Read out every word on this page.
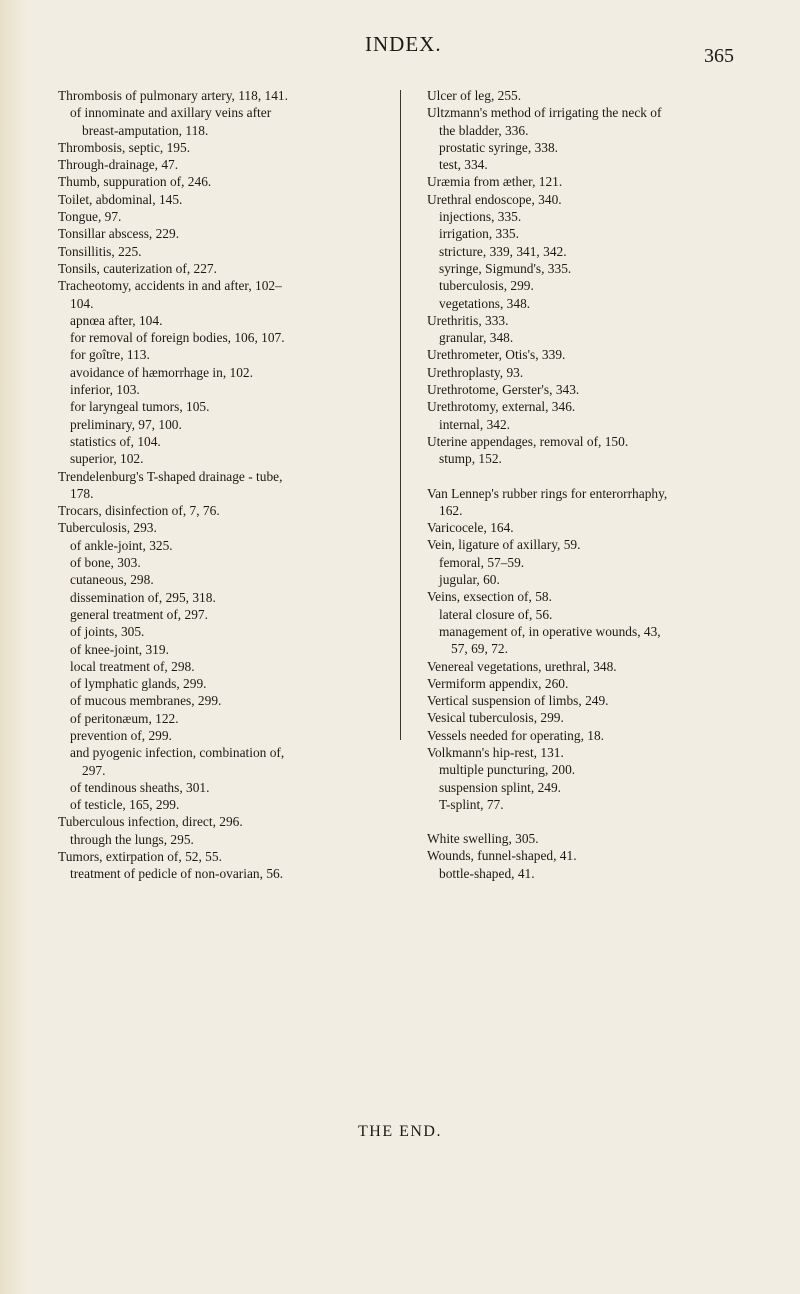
INDEX.	365
Thrombosis of pulmonary artery, 118, 141.
of innominate and axillary veins after
breast-amputation, 118.
Thrombosis, septic, 195.
Through-drainage, 47.
Thumb, suppuration of, 246.
Toilet, abdominal, 145.
Tongue, 97.
Tonsillar abscess, 229.
Tonsillitis, 225.
Tonsils, cauterization of, 227.
Tracheotomy, accidents in and after, 102–
104.
apnœa after, 104.
for removal of foreign bodies, 106, 107.
for goître, 113.
avoidance of hæmorrhage in, 102.
inferior, 103.
for laryngeal tumors, 105.
preliminary, 97, 100.
statistics of, 104.
superior, 102.
Trendelenburg's T-shaped drainage - tube,
178.
Trocars, disinfection of, 7, 76.
Tuberculosis, 293.
of ankle-joint, 325.
of bone, 303.
cutaneous, 298.
dissemination of, 295, 318.
general treatment of, 297.
of joints, 305.
of knee-joint, 319.
local treatment of, 298.
of lymphatic glands, 299.
of mucous membranes, 299.
of peritonæum, 122.
prevention of, 299.
and pyogenic infection, combination of,
297.
of tendinous sheaths, 301.
of testicle, 165, 299.
Tuberculous infection, direct, 296.
through the lungs, 295.
Tumors, extirpation of, 52, 55.
treatment of pedicle of non-ovarian, 56.
Ulcer of leg, 255.
Ultzmann's method of irrigating the neck of
the bladder, 336.
prostatic syringe, 338.
test, 334.
Uræmia from æther, 121.
Urethral endoscope, 340.
injections, 335.
irrigation, 335.
stricture, 339, 341, 342.
syringe, Sigmund's, 335.
tuberculosis, 299.
vegetations, 348.
Urethritis, 333.
granular, 348.
Urethrometer, Otis's, 339.
Urethroplasty, 93.
Urethrotome, Gerster's, 343.
Urethrotomy, external, 346.
internal, 342.
Uterine appendages, removal of, 150.
stump, 152.
Van Lennep's rubber rings for enterorrhaphy,
162.
Varicocele, 164.
Vein, ligature of axillary, 59.
femoral, 57–59.
jugular, 60.
Veins, exsection of, 58.
lateral closure of, 56.
management of, in operative wounds, 43,
57, 69, 72.
Venereal vegetations, urethral, 348.
Vermiform appendix, 260.
Vertical suspension of limbs, 249.
Vesical tuberculosis, 299.
Vessels needed for operating, 18.
Volkmann's hip-rest, 131.
multiple puncturing, 200.
suspension splint, 249.
T-splint, 77.
White swelling, 305.
Wounds, funnel-shaped, 41.
bottle-shaped, 41.
THE END.
